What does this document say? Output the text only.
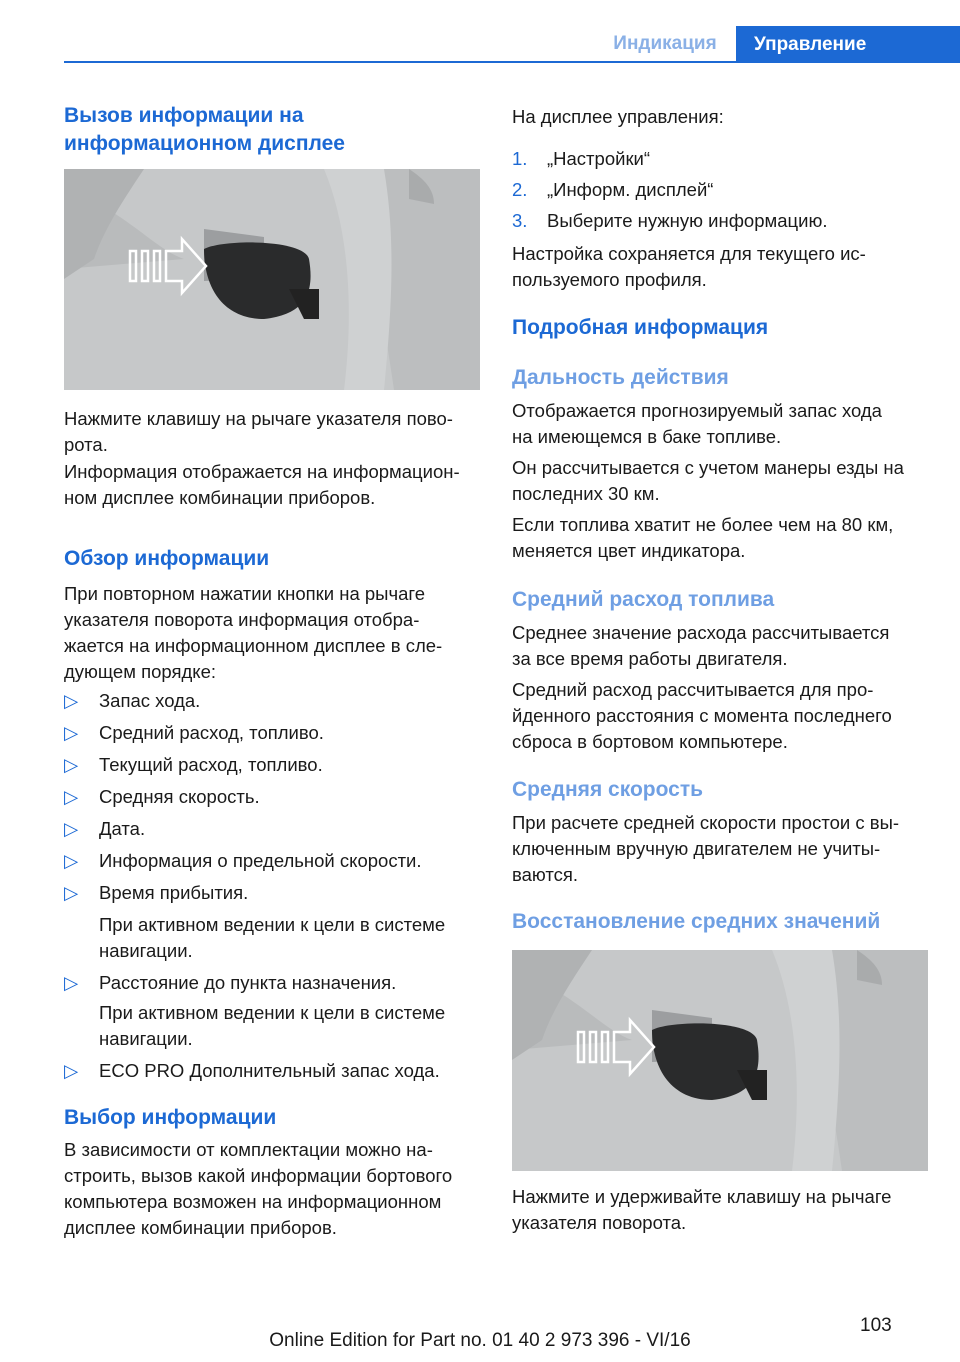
Индикация	Управление
Вызов информации на информационном дисплее

Нажмите клавишу на рычаге указателя пово-
рота.

Информация отображается на информацион-
ном дисплее комбинации приборов.

Обзор информации

При повторном нажатии кнопки на рычаге
указателя поворота информация отобра-
жается на информационном дисплее в сле-
дующем порядке:

▷	Запас хода.
▷	Средний расход, топливо.
▷	Текущий расход, топливо.
▷	Средняя скорость.
▷	Дата.
▷	Информация о предельной скорости.
▷	Время прибытия.
При активном ведении к цели в системе
навигации.
▷	Расстояние до пункта назначения.
При активном ведении к цели в системе
навигации.
▷	ECO PRO Дополнительный запас хода.
Выбор информации

В зависимости от комплектации можно на-
строить, вызов какой информации бортового
компьютера возможен на информационном
дисплее комбинации приборов.

На дисплее управления:

1.	„Настройки“
2.	„Информ. дисплей“
3.	Выберите нужную информацию.

Настройка сохраняется для текущего ис-
пользуемого профиля.

Подробная информация
Дальность действия

Отображается прогнозируемый запас хода
на имеющемся в баке топливе.

Он рассчитывается с учетом манеры езды на
последних 30 км.

Если топлива хватит не более чем на 80 км,
меняется цвет индикатора.

Средний расход топлива

Среднее значение расхода рассчитывается
за все время работы двигателя.

Средний расход рассчитывается для про-
йденного расстояния с момента последнего
сброса в бортовом компьютере.

Средняя скорость

При расчете средней скорости простои с вы-
ключенным вручную двигателем не учиты-
ваются.

Восстановление средних значений

Нажмите и удерживайте клавишу на рычаге
указателя поворота.

103
Online Edition for Part no. 01 40 2 973 396 - VI/16
